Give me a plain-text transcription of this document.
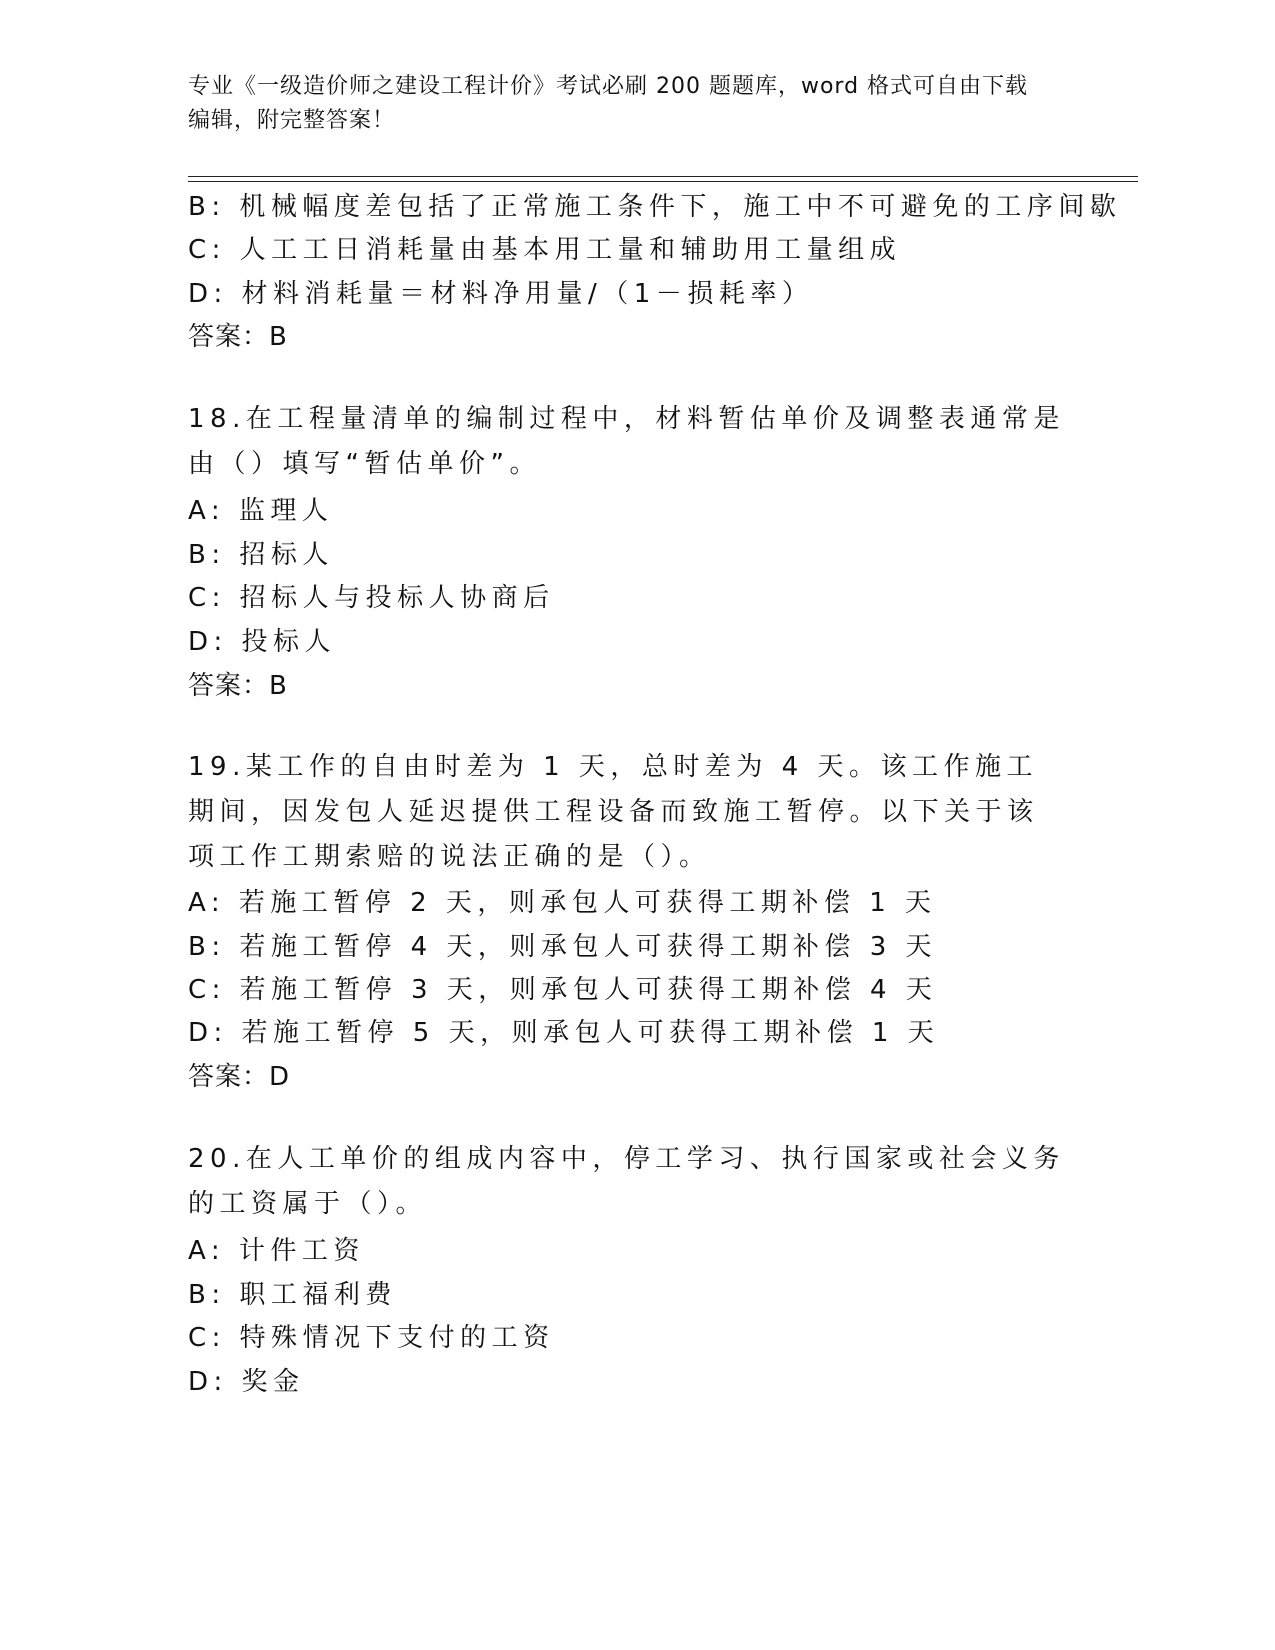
专业《一级造价师之建设工程计价》考试必刷 200 题题库，word 格式可自由下载
编辑，附完整答案！
B: 机械幅度差包括了正常施工条件下，施工中不可避免的工序间歇
C: 人工工日消耗量由基本用工量和辅助用工量组成
D: 材料消耗量＝材料净用量/（1－损耗率）
答案：B
18.在工程量清单的编制过程中，材料暂估单价及调整表通常是由（）填写“暂估单价”。
A: 监理人
B: 招标人
C: 招标人与投标人协商后
D: 投标人
答案：B
19.某工作的自由时差为 1 天，总时差为 4 天。该工作施工期间，因发包人延迟提供工程设备而致施工暂停。以下关于该项工作工期索赔的说法正确的是（）。
A: 若施工暂停 2 天，则承包人可获得工期补偿 1 天
B: 若施工暂停 4 天，则承包人可获得工期补偿 3 天
C: 若施工暂停 3 天，则承包人可获得工期补偿 4 天
D: 若施工暂停 5 天，则承包人可获得工期补偿 1 天
答案：D
20.在人工单价的组成内容中，停工学习、执行国家或社会义务的工资属于（）。
A: 计件工资
B: 职工福利费
C: 特殊情况下支付的工资
D: 奖金
